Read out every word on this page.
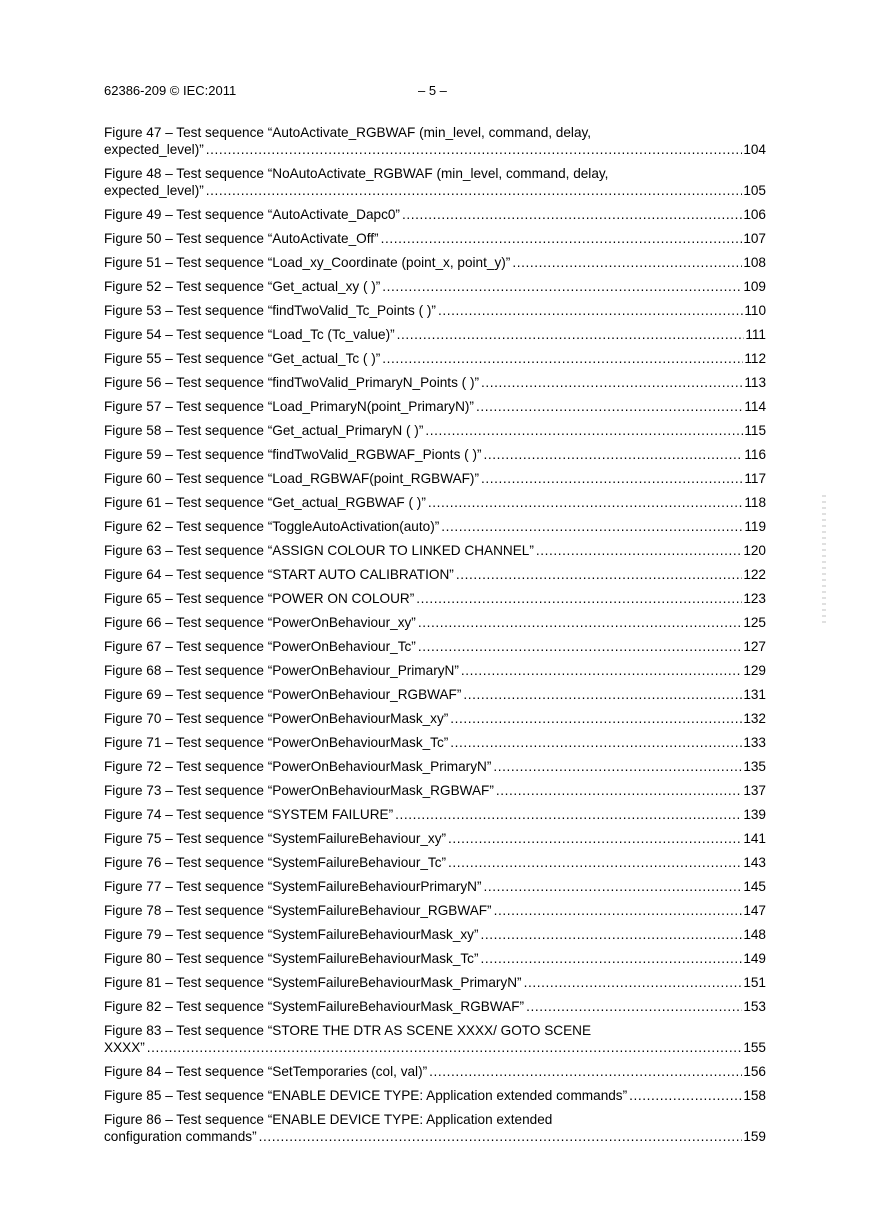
62386-209 © IEC:2011	– 5 –
Figure 47 – Test sequence “AutoActivate_RGBWAF (min_level, command, delay,
expected_level)” .....	104
Figure 48 – Test sequence “NoAutoActivate_RGBWAF (min_level, command, delay,
expected_level)” .....	105
Figure 49 – Test sequence “AutoActivate_Dapc0” .....	106
Figure 50 – Test sequence “AutoActivate_Off” .....	107
Figure 51 – Test sequence “Load_xy_Coordinate (point_x, point_y)” .....	108
Figure 52 – Test sequence “Get_actual_xy ( )” .....	109
Figure 53 – Test sequence “findTwoValid_Tc_Points ( )” .....	110
Figure 54 – Test sequence “Load_Tc (Tc_value)” .....	111
Figure 55 – Test sequence “Get_actual_Tc ( )” .....	112
Figure 56 – Test sequence “findTwoValid_PrimaryN_Points ( )” .....	113
Figure 57 – Test sequence “Load_PrimaryN(point_PrimaryN)” .....	114
Figure 58 – Test sequence “Get_actual_PrimaryN ( )” .....	115
Figure 59 – Test sequence “findTwoValid_RGBWAF_Pionts ( )” .....	116
Figure 60 – Test sequence “Load_RGBWAF(point_RGBWAF)” .....	117
Figure 61 – Test sequence “Get_actual_RGBWAF ( )” .....	118
Figure 62 – Test sequence “ToggleAutoActivation(auto)” .....	119
Figure 63 – Test sequence “ASSIGN COLOUR TO LINKED CHANNEL” .....	120
Figure 64 – Test sequence “START AUTO CALIBRATION” .....	122
Figure 65 – Test sequence “POWER ON COLOUR” .....	123
Figure 66 – Test sequence “PowerOnBehaviour_xy” .....	125
Figure 67 – Test sequence “PowerOnBehaviour_Tc” .....	127
Figure 68 – Test sequence “PowerOnBehaviour_PrimaryN” .....	129
Figure 69 – Test sequence “PowerOnBehaviour_RGBWAF” .....	131
Figure 70 – Test sequence “PowerOnBehaviourMask_xy” .....	132
Figure 71 – Test sequence “PowerOnBehaviourMask_Tc” .....	133
Figure 72 – Test sequence “PowerOnBehaviourMask_PrimaryN” .....	135
Figure 73 – Test sequence “PowerOnBehaviourMask_RGBWAF” .....	137
Figure 74 – Test sequence “SYSTEM FAILURE” .....	139
Figure 75 – Test sequence “SystemFailureBehaviour_xy” .....	141
Figure 76 – Test sequence “SystemFailureBehaviour_Tc” .....	143
Figure 77 – Test sequence “SystemFailureBehaviourPrimaryN” .....	145
Figure 78 – Test sequence “SystemFailureBehaviour_RGBWAF” .....	147
Figure 79 – Test sequence “SystemFailureBehaviourMask_xy” .....	148
Figure 80 – Test sequence “SystemFailureBehaviourMask_Tc” .....	149
Figure 81 – Test sequence “SystemFailureBehaviourMask_PrimaryN” .....	151
Figure 82 – Test sequence “SystemFailureBehaviourMask_RGBWAF” .....	153
Figure 83 – Test sequence “STORE THE DTR AS SCENE XXXX/ GOTO SCENE
XXXX” .....	155
Figure 84 – Test sequence “SetTemporaries (col, val)” .....	156
Figure 85 – Test sequence “ENABLE DEVICE TYPE: Application extended commands” .....	158
Figure 86 – Test sequence “ENABLE DEVICE TYPE: Application extended
configuration commands” .....	159
